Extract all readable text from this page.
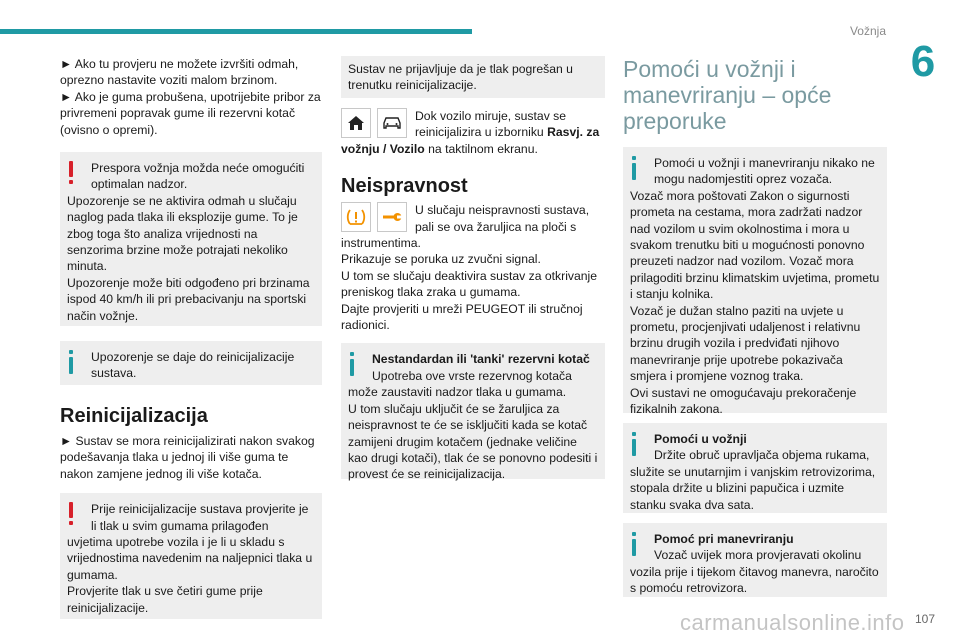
Vožnja
6

► Ako tu provjeru ne možete izvršiti odmah, oprezno nastavite voziti malom brzinom.

► Ako je guma probušena, upotrijebite pribor za privremeni popravak gume ili rezervni kotač (ovisno o opremi).

Prespora vožnja možda neće omogućiti optimalan nadzor.

Upozorenje se ne aktivira odmah u slučaju naglog pada tlaka ili eksplozije gume. To je zbog toga što analiza vrijednosti na senzorima brzine može potrajati nekoliko minuta.
Upozorenje može biti odgođeno pri brzinama ispod 40 km/h ili pri prebacivanju na sportski način vožnje.

Upozorenje se daje do reinicijalizacije sustava.

Reinicijalizacija

► Sustav se mora reinicijalizirati nakon svakog podešavanja tlaka u jednoj ili više guma te nakon zamjene jednog ili više kotača.

Prije reinicijalizacije sustava provjerite je li tlak u svim gumama prilagođen

uvjetima upotrebe vozila i je li u skladu s vrijednostima navedenim na naljepnici tlaka u gumama.
Provjerite tlak u sve četiri gume prije reinicijalizacije.

Sustav ne prijavljuje da je tlak pogrešan u trenutku reinicijalizacije.

Dok vozilo miruje, sustav se reinicijalizira u izborniku Rasvj. za vožnju / Vozilo na taktilnom ekranu.

Neispravnost

U slučaju neispravnosti sustava, pali se ova žaruljica na ploči s instrumentima.
Prikazuje se poruka uz zvučni signal.
U tom se slučaju deaktivira sustav za otkrivanje preniskog tlaka zraka u gumama.
Dajte provjeriti u mreži PEUGEOT ili stručnoj radionici.

Nestandardan ili 'tanki' rezervni kotač

Upotreba ove vrste rezervnog kotača

može zaustaviti nadzor tlaka u gumama.
U tom slučaju uključit će se žaruljica za neispravnost te će se isključiti kada se kotač zamijeni drugim kotačem (jednake veličine kao drugi kotači), tlak će se ponovno podesiti i provest će se reinicijalizacija.

Pomoći u vožnji i manevriranju – opće preporuke

Pomoći u vožnji i manevriranju nikako ne mogu nadomjestiti oprez vozača.

Vozač mora poštovati Zakon o sigurnosti prometa na cestama, mora zadržati nadzor nad vozilom u svim okolnostima i mora u svakom trenutku biti u mogućnosti ponovno preuzeti nadzor nad vozilom. Vozač mora prilagoditi brzinu klimatskim uvjetima, prometu i stanju kolnika.
Vozač je dužan stalno paziti na uvjete u prometu, procjenjivati udaljenost i relativnu brzinu drugih vozila i predviđati njihovo manevriranje prije upotrebe pokazivača smjera i promjene voznog traka.
Ovi sustavi ne omogućavaju prekoračenje fizikalnih zakona.

Pomoći u vožnji

Držite obruč upravljača objema rukama,

služite se unutarnjim i vanjskim retrovizorima, stopala držite u blizini papučica i uzmite stanku svaka dva sata.

Pomoć pri manevriranju

Vozač uvijek mora provjeravati okolinu

vozila prije i tijekom čitavog manevra, naročito s pomoću retrovizora.

carmanualsonline.info 107
